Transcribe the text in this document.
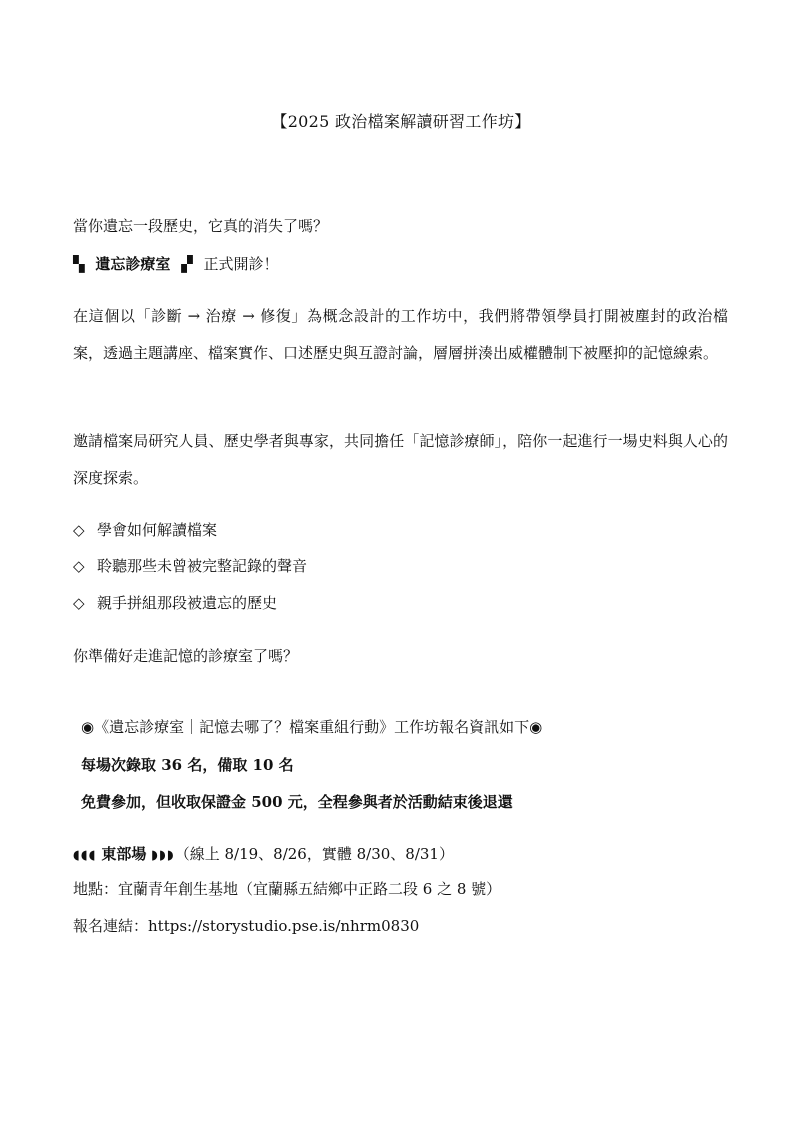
【2025 政治檔案解讀研習工作坊】
當你遺忘一段歷史，它真的消失了嗎？
▚ 遺忘診療室 ▞ 正式開診！
在這個以「診斷 → 治療 → 修復」為概念設計的工作坊中，我們將帶領學員打開被塵封的政治檔案，透過主題講座、檔案實作、口述歷史與互證討論，層層拼湊出威權體制下被壓抑的記憶線索。
邀請檔案局研究人員、歷史學者與專家，共同擔任「記憶診療師」，陪你一起進行一場史料與人心的深度探索。
◇ 學會如何解讀檔案
◇ 聆聽那些未曾被完整記錄的聲音
◇ 親手拼組那段被遺忘的歷史
你準備好走進記憶的診療室了嗎？
◉《遺忘診療室｜記憶去哪了？檔案重組行動》工作坊報名資訊如下◉
每場次錄取 36 名，備取 10 名
免費參加，但收取保證金 500 元，全程參與者於活動結束後退還
◖◖◖ 東部場 ◗◗◗（線上 8/19、8/26，實體 8/30、8/31）
地點：宜蘭青年創生基地（宜蘭縣五結鄉中正路二段 6 之 8 號）
報名連結：https://storystudio.pse.is/nhrm0830
